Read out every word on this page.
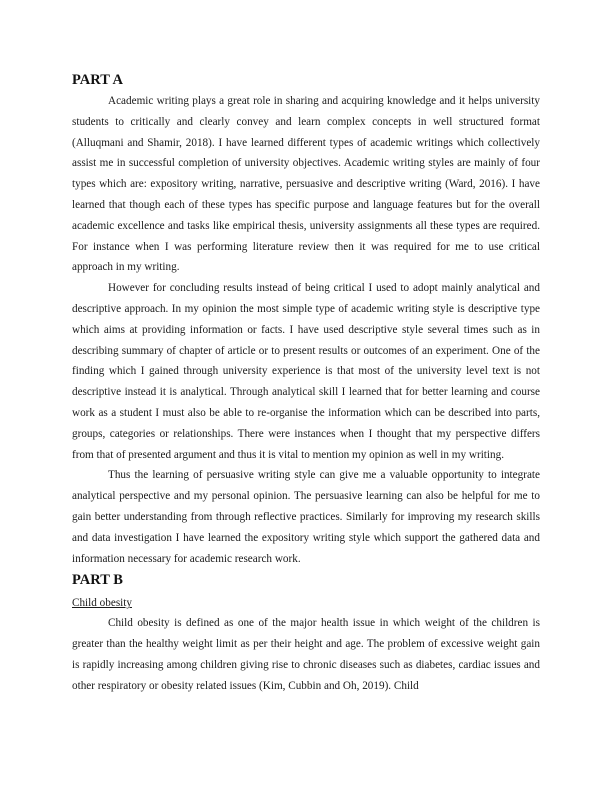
PART A

Academic writing plays a great role in sharing and acquiring knowledge and it helps university students to critically and clearly convey and learn complex concepts in well structured format (Alluqmani and Shamir, 2018). I have learned different types of academic writings which collectively assist me in successful completion of university objectives. Academic writing styles are mainly of four types which are: expository writing, narrative, persuasive and descriptive writing (Ward, 2016). I have learned that though each of these types has specific purpose and language features but for the overall academic excellence and tasks like empirical thesis, university assignments all these types are required. For instance when I was performing literature review then it was required for me to use critical approach in my writing.

However for concluding results instead of being critical I used to adopt mainly analytical and descriptive approach. In my opinion the most simple type of academic writing style is descriptive type which aims at providing information or facts. I have used descriptive style several times such as in describing summary of chapter of article or to present results or outcomes of an experiment. One of the finding which I gained through university experience is that most of the university level text is not descriptive instead it is analytical. Through analytical skill I learned that for better learning and course work as a student I must also be able to re-organise the information which can be described into parts, groups, categories or relationships. There were instances when I thought that my perspective differs from that of presented argument and thus it is vital to mention my opinion as well in my writing.

Thus the learning of persuasive writing style can give me a valuable opportunity to integrate analytical perspective and my personal opinion. The persuasive learning can also be helpful for me to gain better understanding from through reflective practices. Similarly for improving my research skills and data investigation I have learned the expository writing style which support the gathered data and information necessary for academic research work.

PART B

Child obesity

Child obesity is defined as one of the major health issue in which weight of the children is greater than the healthy weight limit as per their height and age. The problem of excessive weight gain is rapidly increasing among children giving rise to chronic diseases such as diabetes, cardiac issues and other respiratory or obesity related issues (Kim, Cubbin and Oh, 2019). Child
